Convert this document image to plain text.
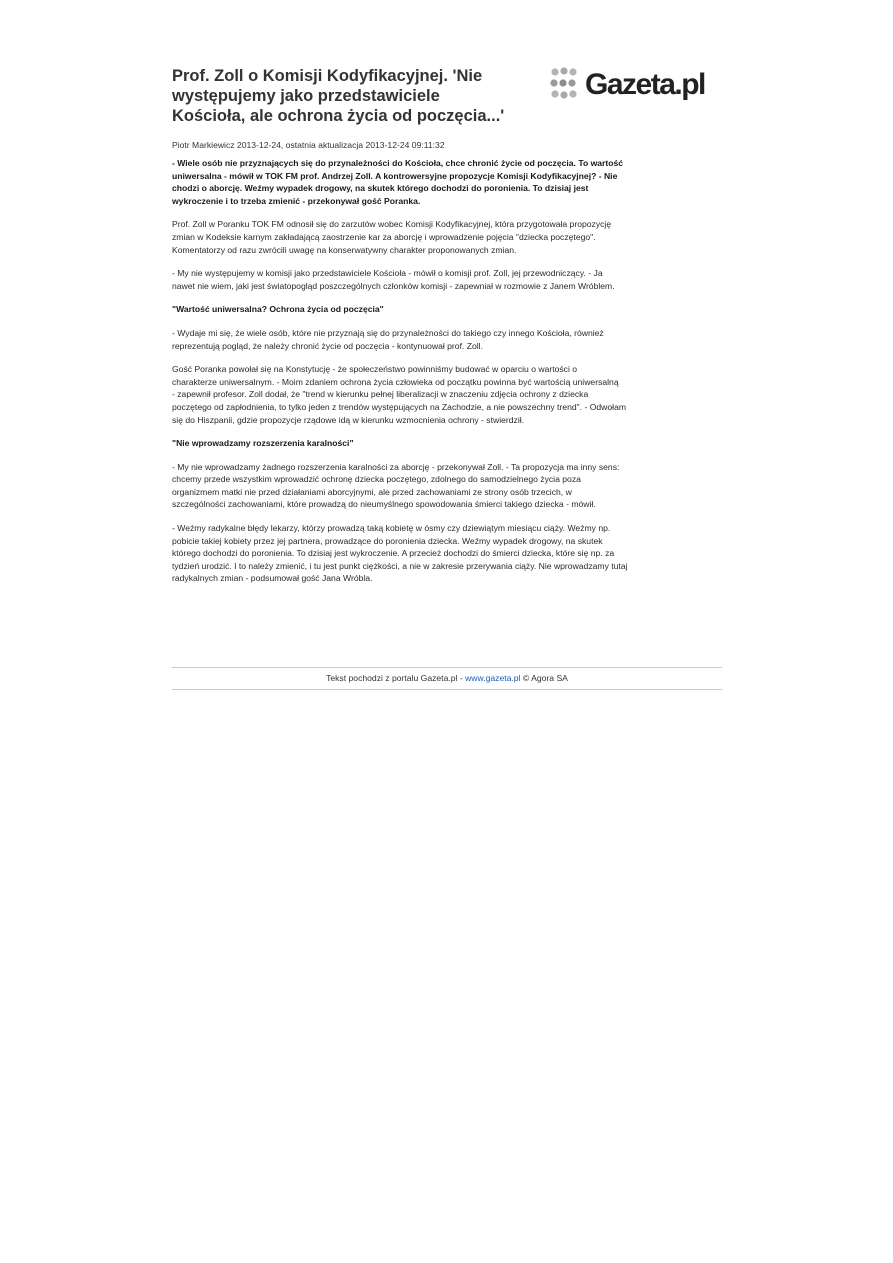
Prof. Zoll o Komisji Kodyfikacyjnej. 'Nie występujemy jako przedstawiciele Kościoła, ale ochrona życia od poczęcia...'
Gazeta.pl
Piotr Markiewicz 2013-12-24, ostatnia aktualizacja 2013-12-24 09:11:32

- Wiele osób nie przyznających się do przynależności do Kościoła, chce chronić życie od poczęcia. To wartość
uniwersalna - mówił w TOK FM prof. Andrzej Zoll. A kontrowersyjne propozycje Komisji Kodyfikacyjnej? - Nie
chodzi o aborcję. Weźmy wypadek drogowy, na skutek którego dochodzi do poronienia. To dzisiaj jest
wykroczenie i to trzeba zmienić - przekonywał gość Poranka.

Prof. Zoll w Poranku TOK FM odnosił się do zarzutów wobec Komisji Kodyfikacyjnej, która przygotowała propozycję
zmian w Kodeksie karnym zakładającą zaostrzenie kar za aborcję i wprowadzenie pojęcia "dziecka poczętego".
Komentatorzy od razu zwrócili uwagę na konserwatywny charakter proponowanych zmian.

- My nie występujemy w komisji jako przedstawiciele Kościoła - mówił o komisji prof. Zoll, jej przewodniczący. - Ja
nawet nie wiem, jaki jest światopogląd poszczególnych członków komisji - zapewniał w rozmowie z Janem Wróblem.

"Wartość uniwersalna? Ochrona życia od poczęcia"

- Wydaje mi się, że wiele osób, które nie przyznają się do przynależności do takiego czy innego Kościoła, również
reprezentują pogląd, że należy chronić życie od poczęcia - kontynuował prof. Zoll.

Gość Poranka powołał się na Konstytucję - że społeczeństwo powinniśmy budować w oparciu o wartości o
charakterze uniwersalnym. - Moim zdaniem ochrona życia człowieka od początku powinna być wartością uniwersalną
- zapewnił profesor. Zoll dodał, że "trend w kierunku pełnej liberalizacji w znaczeniu zdjęcia ochrony z dziecka
poczętego od zapłodnienia, to tylko jeden z trendów występujących na Zachodzie, a nie powszechny trend". - Odwołam
się do Hiszpanii, gdzie propozycje rządowe idą w kierunku wzmocnienia ochrony - stwierdził.

"Nie wprowadzamy rozszerzenia karalności"

- My nie wprowadzamy żadnego rozszerzenia karalności za aborcję - przekonywał Zoll. - Ta propozycja ma inny sens:
chcemy przede wszystkim wprowadzić ochronę dziecka poczętego, zdolnego do samodzielnego życia poza
organizmem matki nie przed działaniami aborcyjnymi, ale przed zachowaniami ze strony osób trzecich, w
szczególności zachowaniami, które prowadzą do nieumyślnego spowodowania śmierci takiego dziecka - mówił.

- Weźmy radykalne błędy lekarzy, którzy prowadzą taką kobietę w ósmy czy dziewiątym miesiącu ciąży. Weźmy np.
pobicie takiej kobiety przez jej partnera, prowadzące do poronienia dziecka. Weźmy wypadek drogowy, na skutek
którego dochodzi do poronienia. To dzisiaj jest wykroczenie. A przecież dochodzi do śmierci dziecka, które się np. za
tydzień urodzić. I to należy zmienić, i tu jest punkt ciężkości, a nie w zakresie przerywania ciąży. Nie wprowadzamy tutaj
radykalnych zmian - podsumował gość Jana Wróbla.

Tekst pochodzi z portalu Gazeta.pl - www.gazeta.pl © Agora SA
